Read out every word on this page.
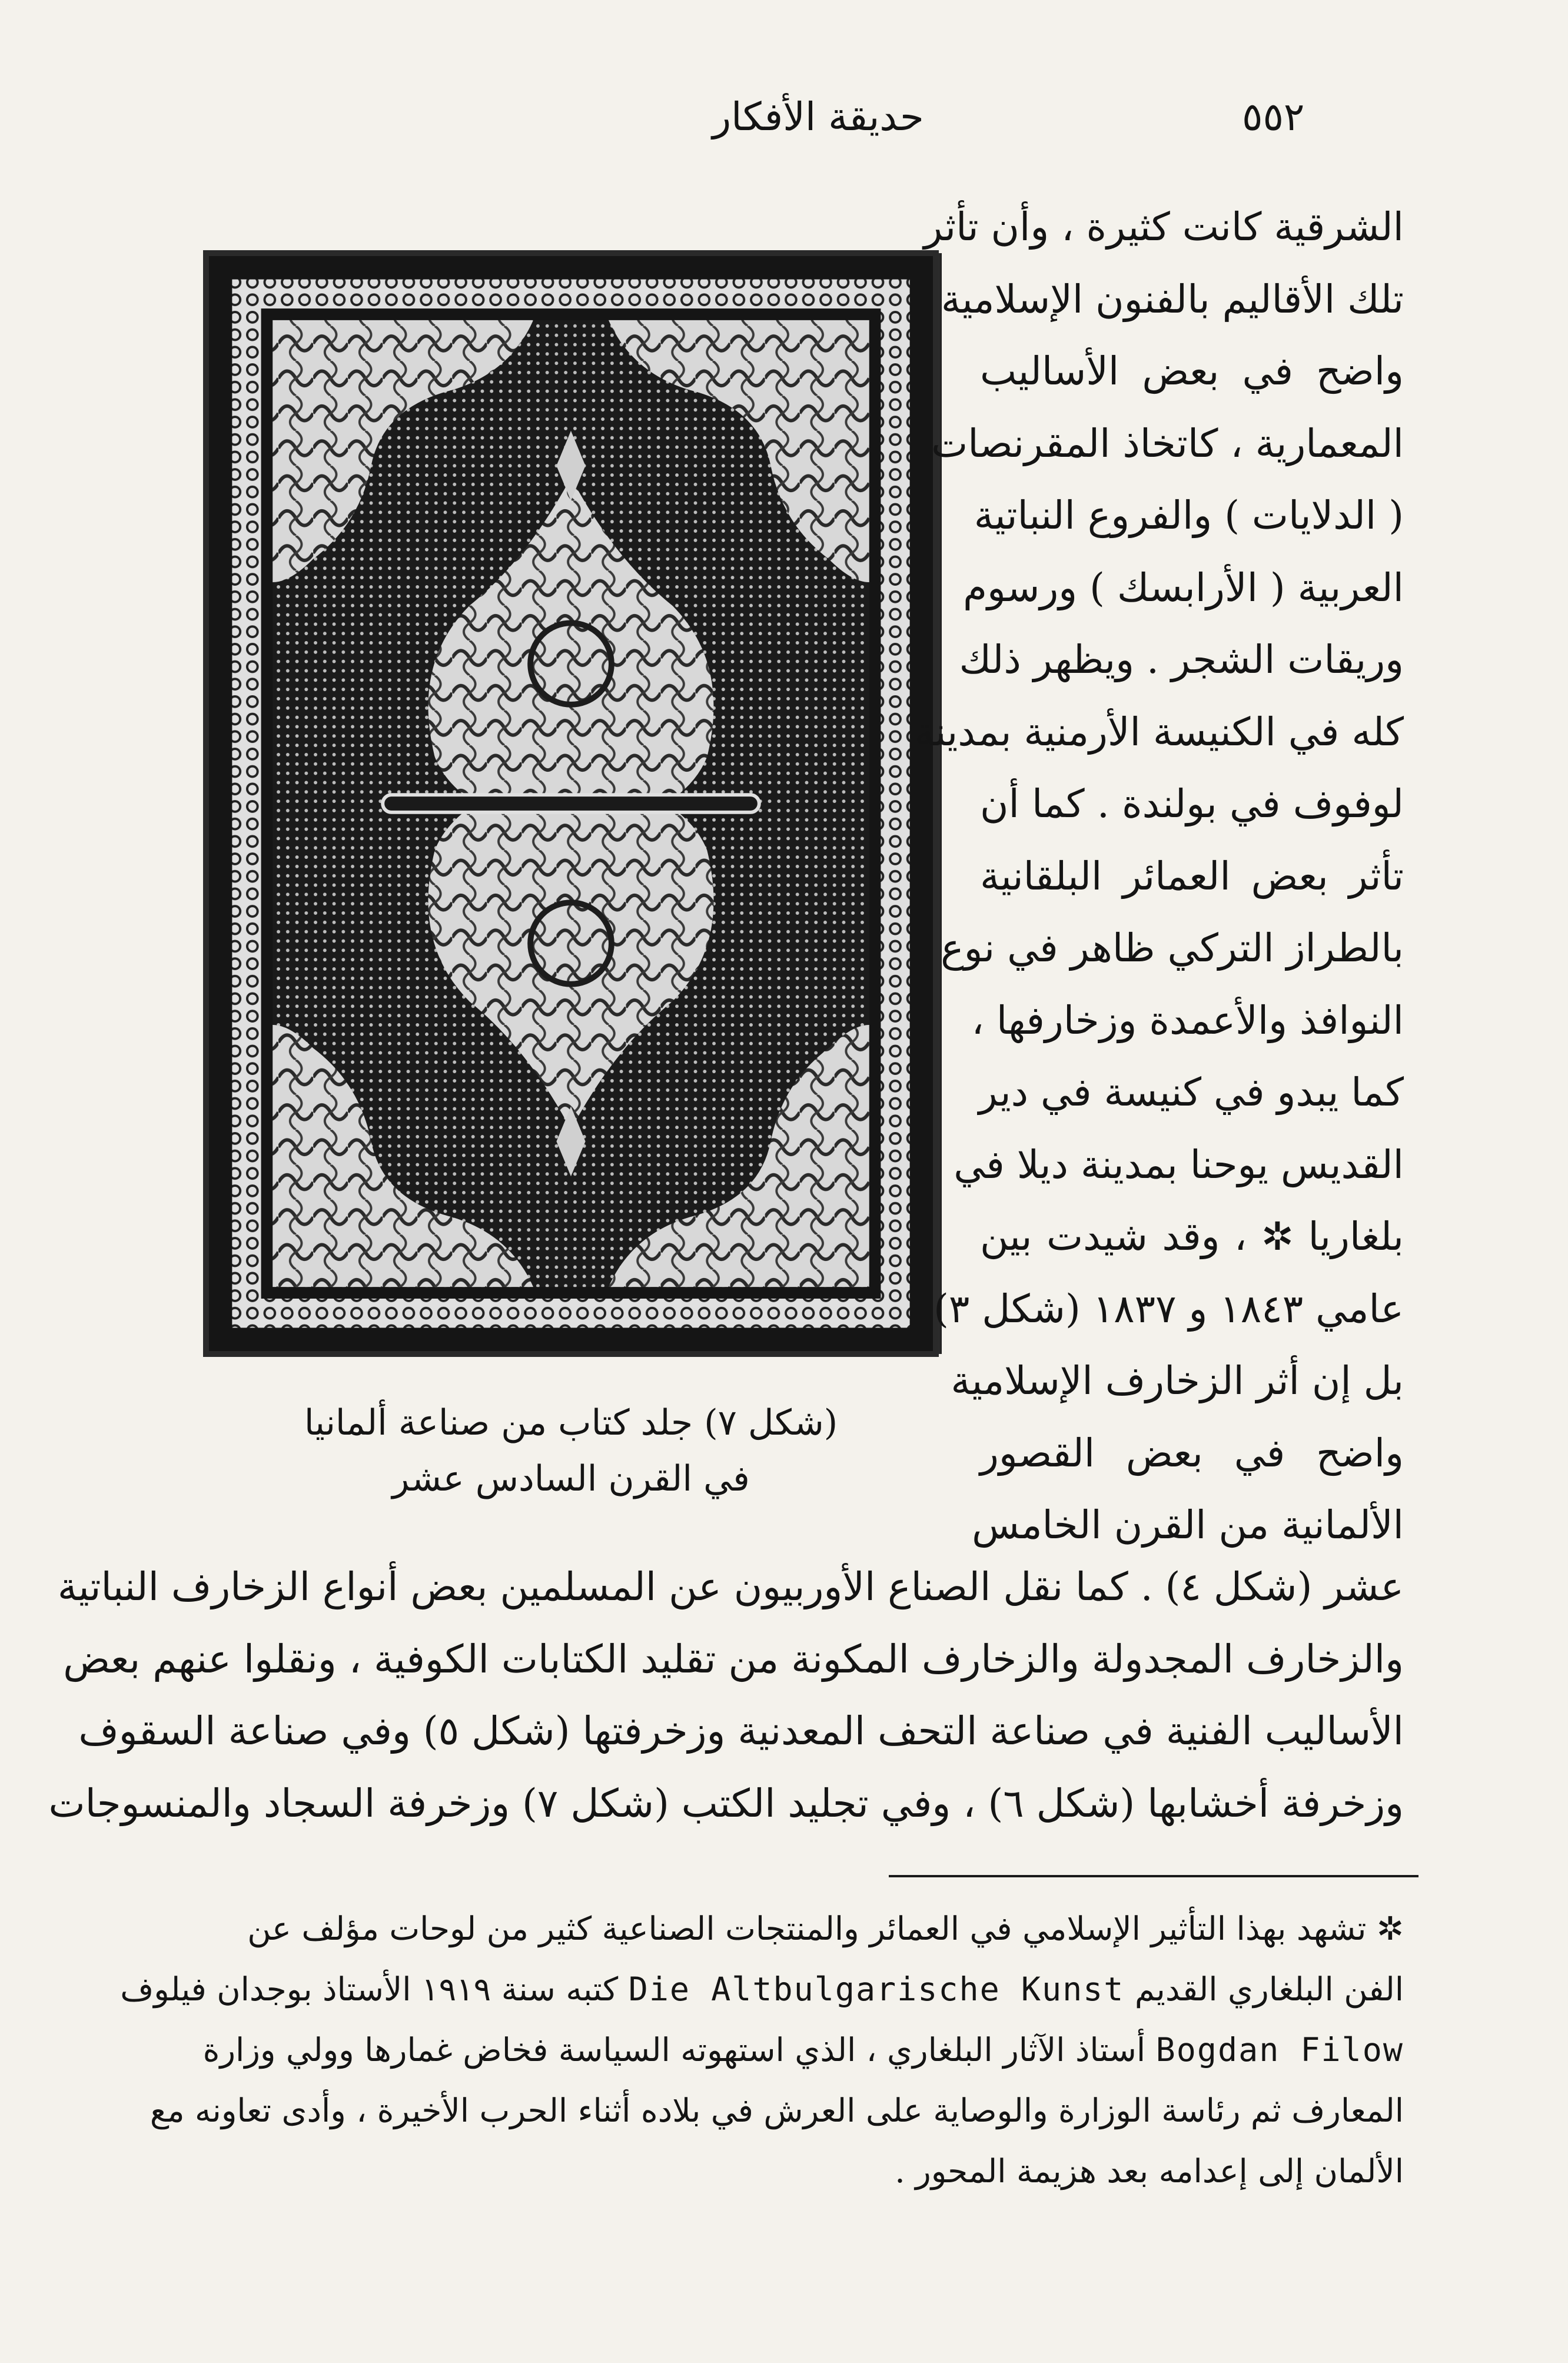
٥٥٢
حديقة الأفكار
(شكل ٧) جلد كتاب من صناعة ألمانيا
في القرن السادس عشر
الشرقية كانت كثيرة ، وأن تأثر
تلك الأقاليم بالفنون الإسلامية
واضح في بعض الأساليب
المعمارية ، كاتخاذ المقرنصات
( الدلايات ) والفروع النباتية
العربية ( الأرابسك ) ورسوم
وريقات الشجر . ويظهر ذلك
كله في الكنيسة الأرمنية بمدينة
لوفوف في بولندة . كما أن
تأثر بعض العمائر البلقانية
بالطراز التركي ظاهر في نوع
النوافذ والأعمدة وزخارفها ،
كما يبدو في كنيسة في دير
القديس يوحنا بمدينة ديلا في
بلغاريا ✲ ، وقد شيدت بين
عامي ١٨٤٣ و ١٨٣٧ (شكل ٣)
بل إن أثر الزخارف الإسلامية
واضح في بعض القصور
الألمانية من القرن الخامس
عشر (شكل ٤) . كما نقل الصناع الأوربيون عن المسلمين بعض أنواع الزخارف النباتية
والزخارف المجدولة والزخارف المكونة من تقليد الكتابات الكوفية ، ونقلوا عنهم بعض
الأساليب الفنية في صناعة التحف المعدنية وزخرفتها (شكل ٥) وفي صناعة السقوف
وزخرفة أخشابها (شكل ٦) ، وفي تجليد الكتب (شكل ٧) وزخرفة السجاد والمنسوجات
✲ تشهد بهذا التأثير الإسلامي في العمائر والمنتجات الصناعية كثير من لوحات مؤلف عن
الفن البلغاري القديم Die Altbulgarische Kunst كتبه سنة ١٩١٩ الأستاذ بوجدان فيلوف
Bogdan Filow أستاذ الآثار البلغاري ، الذي استهوته السياسة فخاض غمارها وولي وزارة
المعارف ثم رئاسة الوزارة والوصاية على العرش في بلاده أثناء الحرب الأخيرة ، وأدى تعاونه مع
الألمان إلى إعدامه بعد هزيمة المحور .
